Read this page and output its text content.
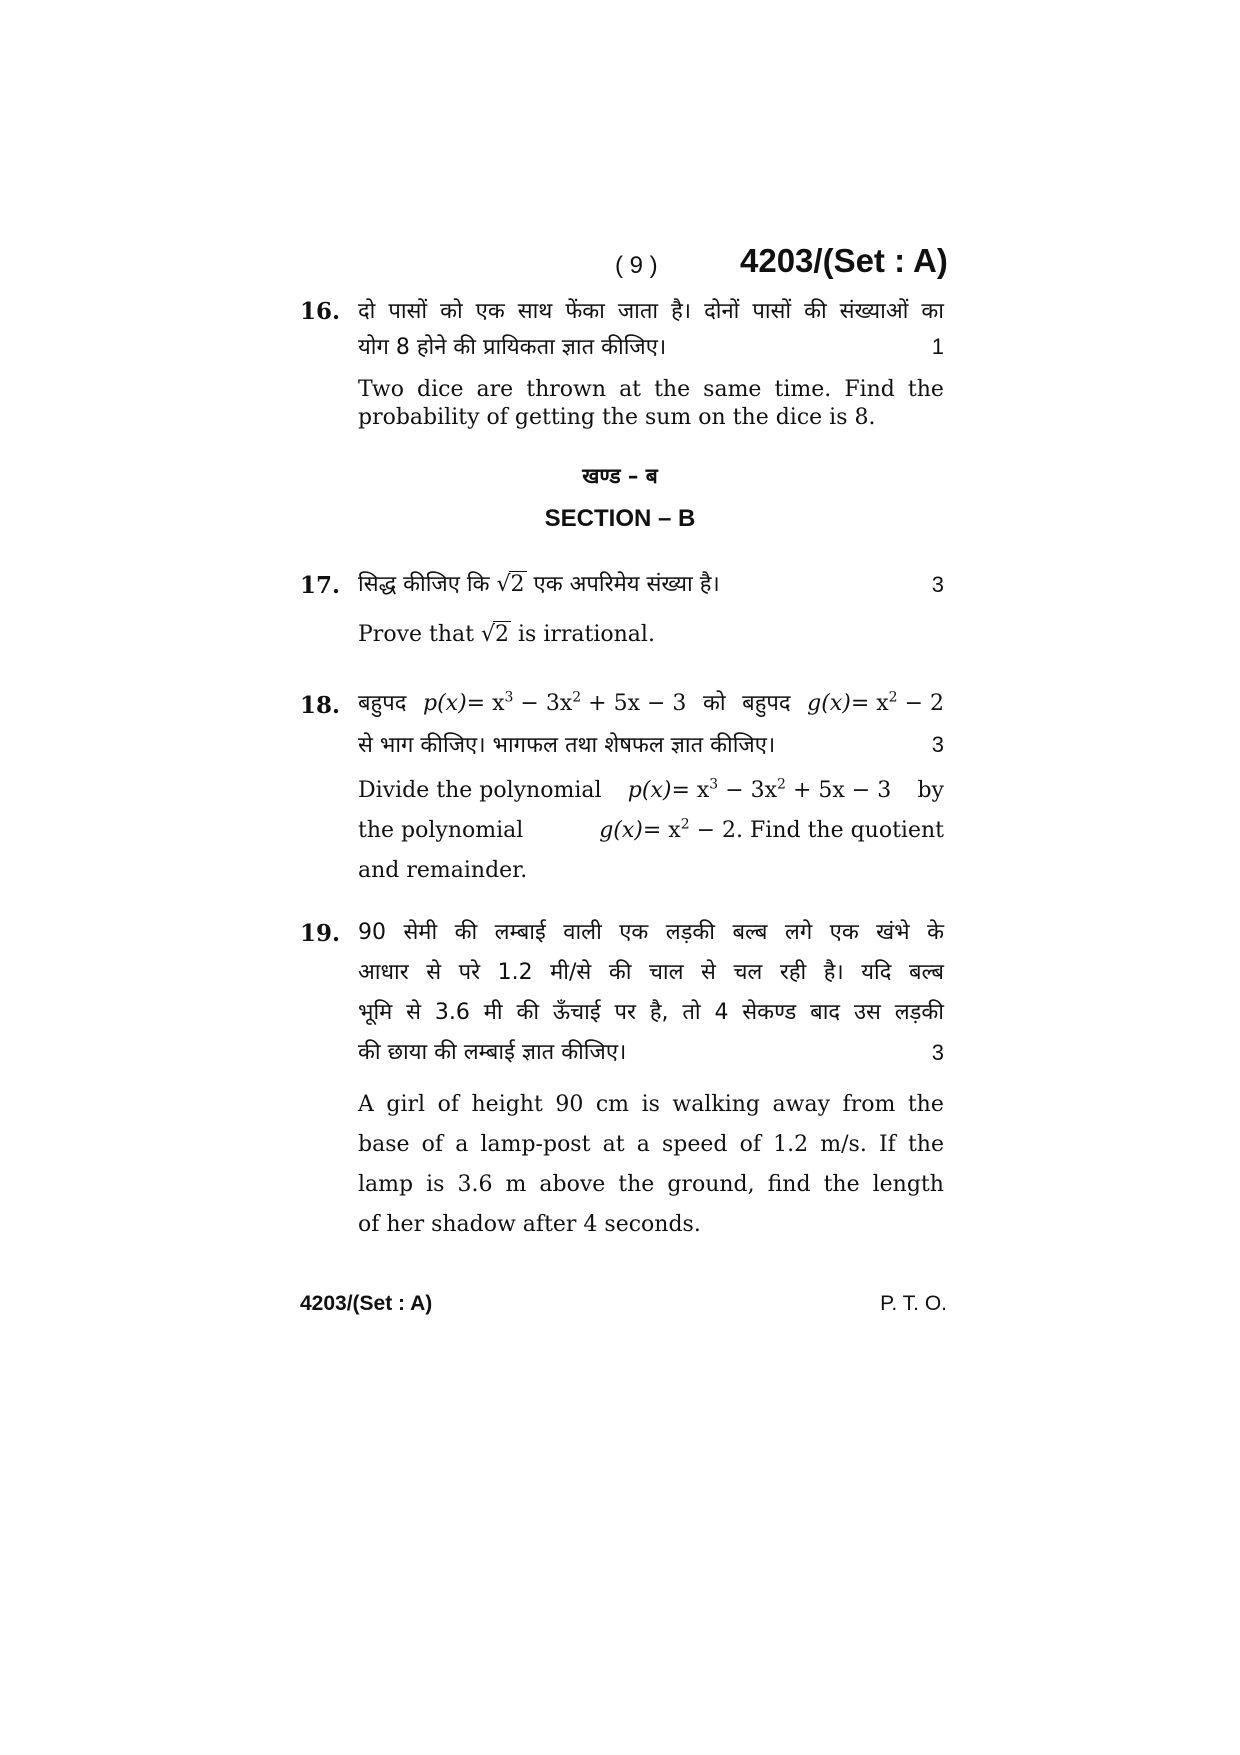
( 9 ) 4203/(Set : A)
16. दो पासों को एक साथ फेंका जाता है। दोनों पासों की संख्याओं का
योग 8 होने की प्रायिकता ज्ञात कीजिए।	1
Two dice are thrown at the same time. Find the
probability of getting the sum on the dice is 8.
खण्ड – ब
SECTION – B
17. सिद्ध कीजिए कि √2 एक अपरिमेय संख्या है।	3
Prove that √2 is irrational.
18. बहुपद $p(x)= x^3 - 3x^2 + 5x - 3$ को बहुपद $g(x)= x^2 - 2$
से भाग कीजिए। भागफल तथा शेषफल ज्ञात कीजिए।	3
Divide the polynomial $p(x)= x^3 - 3x^2 + 5x - 3$ by
the polynomial	$g(x)= x^2 - 2$. Find the quotient
and remainder.
19. 90 सेमी की लम्बाई वाली एक लड़की बल्ब लगे एक खंभे के
आधार से परे 1.2 मी/से की चाल से चल रही है। यदि बल्ब
भूमि से 3.6 मी की ऊँचाई पर है, तो 4 सेकण्ड बाद उस लड़की
की छाया की लम्बाई ज्ञात कीजिए।	3
A girl of height 90 cm is walking away from the
base of a lamp-post at a speed of 1.2 m/s. If the
lamp is 3.6 m above the ground, find the length
of her shadow after 4 seconds.
4203/(Set : A)	P. T. O.
